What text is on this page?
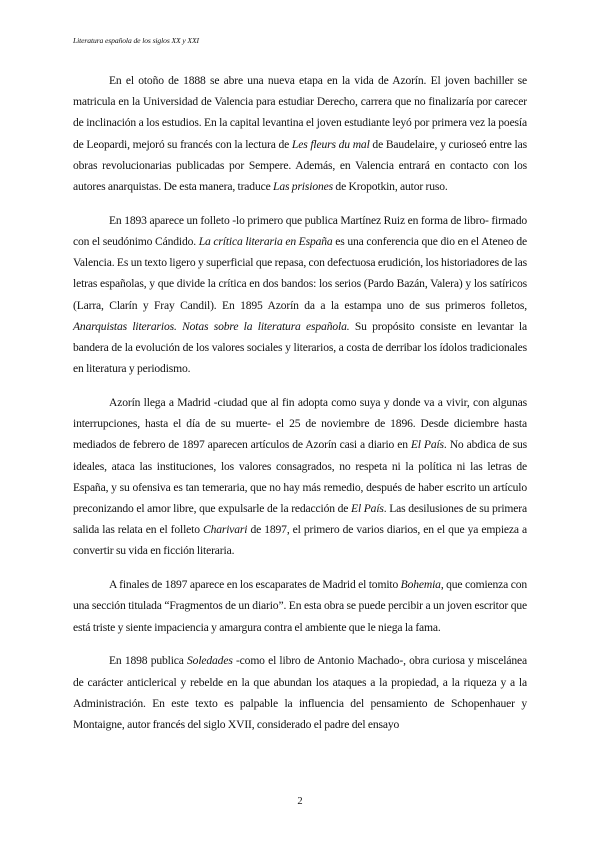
Literatura española de los siglos XX y XXI

En el otoño de 1888 se abre una nueva etapa en la vida de Azorín. El joven bachiller se matricula en la Universidad de Valencia para estudiar Derecho, carrera que no finalizaría por carecer de inclinación a los estudios. En la capital levantina el joven estudiante leyó por primera vez la poesía de Leopardi, mejoró su francés con la lectura de Les fleurs du mal de Baudelaire, y curioseó entre las obras revolucionarias publicadas por Sempere. Además, en Valencia entrará en contacto con los autores anarquistas. De esta manera, traduce Las prisiones de Kropotkin, autor ruso.

En 1893 aparece un folleto -lo primero que publica Martínez Ruiz en forma de libro- firmado con el seudónimo Cándido. La crítica literaria en España es una conferencia que dio en el Ateneo de Valencia. Es un texto ligero y superficial que repasa, con defectuosa erudición, los historiadores de las letras españolas, y que divide la crítica en dos bandos: los serios (Pardo Bazán, Valera) y los satíricos (Larra, Clarín y Fray Candil). En 1895 Azorín da a la estampa uno de sus primeros folletos, Anarquistas literarios. Notas sobre la literatura española. Su propósito consiste en levantar la bandera de la evolución de los valores sociales y literarios, a costa de derribar los ídolos tradicionales en literatura y periodismo.

Azorín llega a Madrid -ciudad que al fin adopta como suya y donde va a vivir, con algunas interrupciones, hasta el día de su muerte- el 25 de noviembre de 1896. Desde diciembre hasta mediados de febrero de 1897 aparecen artículos de Azorín casi a diario en El País. No abdica de sus ideales, ataca las instituciones, los valores consagrados, no respeta ni la política ni las letras de España, y su ofensiva es tan temeraria, que no hay más remedio, después de haber escrito un artículo preconizando el amor libre, que expulsarle de la redacción de El País. Las desilusiones de su primera salida las relata en el folleto Charivari de 1897, el primero de varios diarios, en el que ya empieza a convertir su vida en ficción literaria.

A finales de 1897 aparece en los escaparates de Madrid el tomito Bohemia, que comienza con una sección titulada “Fragmentos de un diario”. En esta obra se puede percibir a un joven escritor que está triste y siente impaciencia y amargura contra el ambiente que le niega la fama.

En 1898 publica Soledades -como el libro de Antonio Machado-, obra curiosa y miscelánea de carácter anticlerical y rebelde en la que abundan los ataques a la propiedad, a la riqueza y a la Administración. En este texto es palpable la influencia del pensamiento de Schopenhauer y Montaigne, autor francés del siglo XVII, considerado el padre del ensayo

2
